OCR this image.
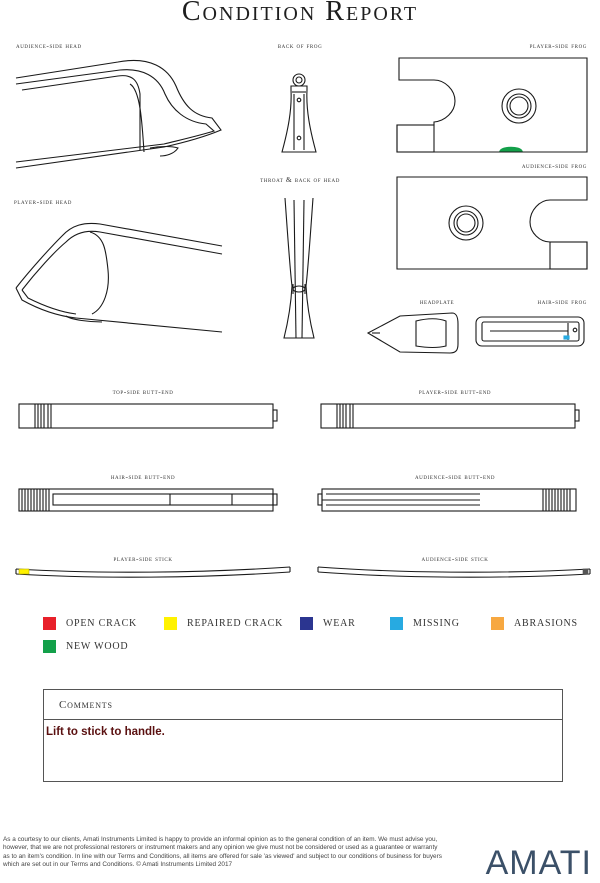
Condition Report
audience-side head	back of frog	player-side frog
audience-side frog
throat & back of head
player-side head
headplate	hair-side frog
top-side butt-end	player-side butt-end
hair-side butt-end	audience-side butt-end
player-side stick	audience-side stick
OPEN CRACK	REPAIRED CRACK	WEAR	MISSING	ABRASIONS
NEW WOOD
Comments
Lift to stick to handle.
As a courtesy to our clients, Amati Instruments Limited is happy to provide an informal opinion as to the general condition of an item. We must advise you, however, that we are not professional restorers or instrument makers and any opinion we give must not be considered or used as a guarantee or warranty as to an item's condition. In line with our Terms and Conditions, all items are offered for sale 'as viewed' and subject to our conditions of business for buyers which are set out in our Terms and Conditions. © Amati Instruments Limited 2017	AMATI
